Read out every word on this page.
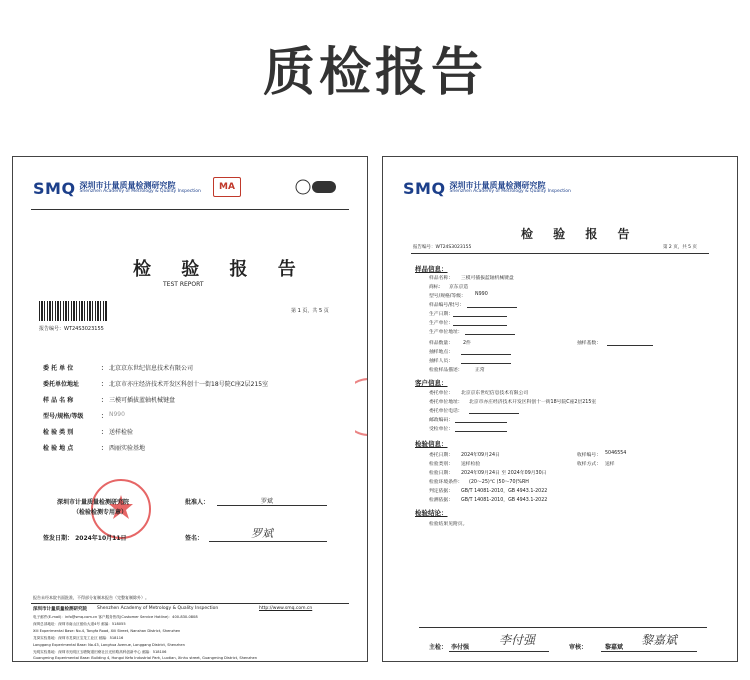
质检报告
SMQ 深圳市计量质量检测研究院
Shenzhen Academy of Metrology & Quality Inspection	MA
检 验 报 告
TEST REPORT
报告编号：WT24S3023155
第 1 页，共 5 页
委 托 单 位	： 北京京东世纪信息技术有限公司
委托单位地址	： 北京市亦庄经济技术开发区科创十一街18号院C座2层215室
样 品 名 称	： 三模可插拔蓝轴机械键盘
型号/规格/等级	： N990
检 验 类 别	： 送样检验
检 验 地 点	： 西丽实验基地
深圳市计量质量检测研究院
（检验检测专用章）
签发日期： 2024年10月11日
批准人：	罗斌
签名：	罗斌
报告未经本院书面批准，不得部分复制本报告（完整复制除外）。
深圳市计量质量检测研究院 Shenzhen Academy of Metrology & Quality Inspection	http://www.smq.com.cn
电子邮件(E-mail)：info@smq.com.cn 客户服务热线(Customer Service Hotline)：400-830-0808
深圳总部地址：深圳市南山区留仙大道4号 邮编：518055
Xili Experimental Base: No.4, Tongfa Road, Xili Street, Nanshan District, Shenzhen
龙岗实验基地：深圳市龙岗区宝龙工业区 邮编：518116
Longgang Experimental Base: No.43, Longhua Avenue, Longgang District, Shenzhen
光明实验基地：深圳市光明区玉塘街道田寮社区光侨路高科创新中心 邮编：518106
Guangming Experimental Base: Building 4, Hongxi Kefa Industrial Park, Luotian, Xinhu street, Guangming District, Shenzhen
SMQ 深圳市计量质量检测研究院
Shenzhen Academy of Metrology & Quality Inspection
检 验 报 告
报告编号：WT24S3023155	第 2 页，共 5 页
样品信息：
样品名称： 三模可插拔蓝轴机械键盘
商标： 京东京造
型号/规格/等级： N990
样品编号/批号：
生产日期：
生产单位：
生产单位地址：
样品数量： 2件	抽样基数：
抽样地点：
抽样人员：
检验样品描述：	正常
客户信息：
委托单位： 北京京东世纪信息技术有限公司
委托单位地址： 北京市亦庄经济技术开发区科创十一街18号院C座2层215室
委托单位电话：
邮政编码：
受检单位：
检验信息：
委托日期： 2024年09月24日	收样编号： 5046554
检验类别： 送样检验	收样方式： 送样
检验日期： 2024年09月24日 至 2024年09月30日
检验环境条件： (20～25)℃ (50～70)%RH
判定依据： GB/T 14081-2010，GB 4943.1-2022
检测依据： GB/T 14081-2010，GB 4943.1-2022
检验结论：
检验结果见附页。
主检： 李付强
李付强
审核：	黎嘉斌
黎嘉斌
